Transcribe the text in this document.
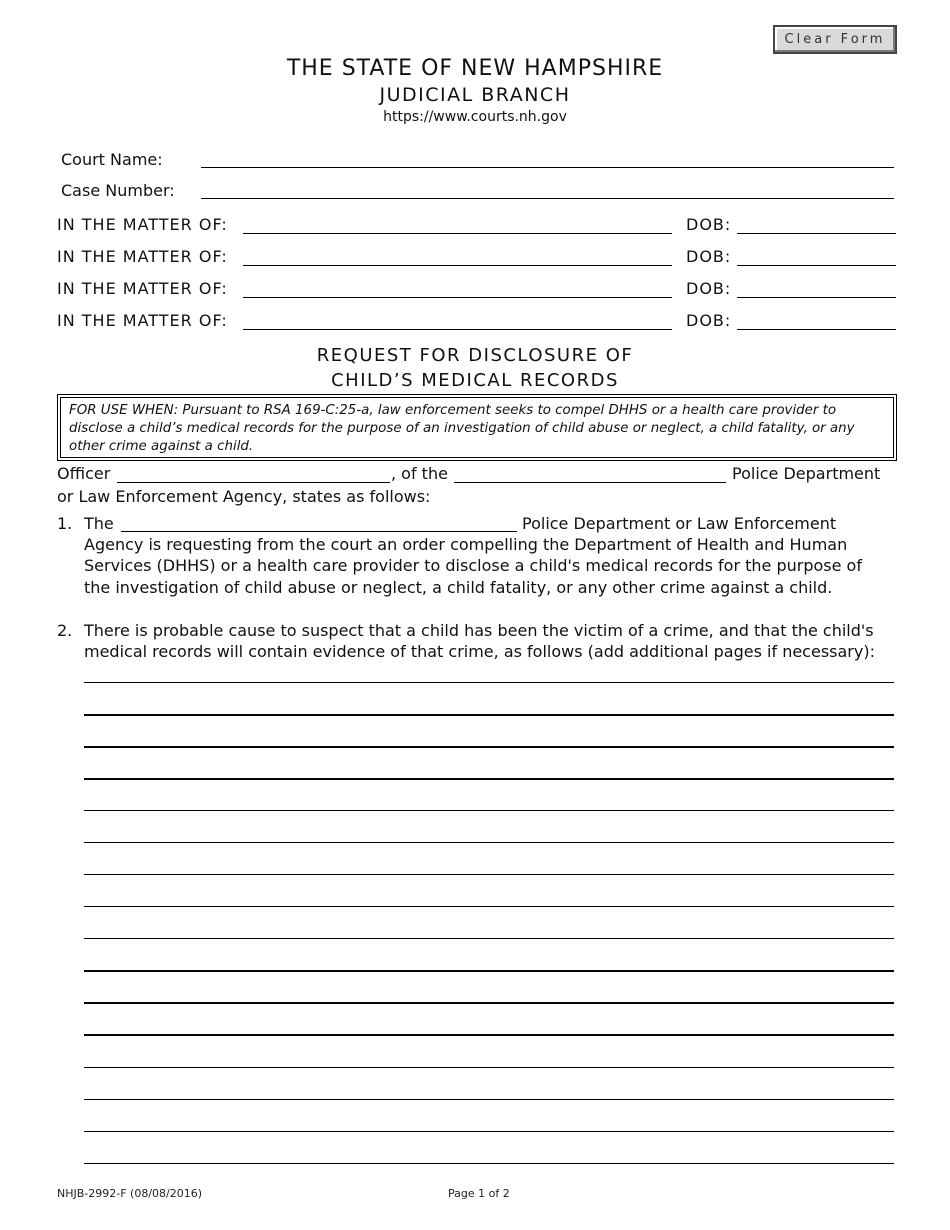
Clear Form
THE STATE OF NEW HAMPSHIRE
JUDICIAL BRANCH
https://www.courts.nh.gov
Court Name:
Case Number:
IN THE MATTER OF:	DOB:
IN THE MATTER OF:	DOB:
IN THE MATTER OF:	DOB:
IN THE MATTER OF:	DOB:
REQUEST FOR DISCLOSURE OF
CHILD’S MEDICAL RECORDS
FOR USE WHEN: Pursuant to RSA 169-C:25-a, law enforcement seeks to compel DHHS or a health care provider to disclose a child’s medical records for the purpose of an investigation of child abuse or neglect, a child fatality, or any other crime against a child.
Officer	, of the	Police Department
or Law Enforcement Agency, states as follows:
1. The	Police Department or Law Enforcement
Agency is requesting from the court an order compelling the Department of Health and Human
Services (DHHS) or a health care provider to disclose a child's medical records for the purpose of
the investigation of child abuse or neglect, a child fatality, or any other crime against a child.
2. There is probable cause to suspect that a child has been the victim of a crime, and that the child's
medical records will contain evidence of that crime, as follows (add additional pages if necessary):
NHJB-2992-F (08/08/2016)	Page 1 of 2
